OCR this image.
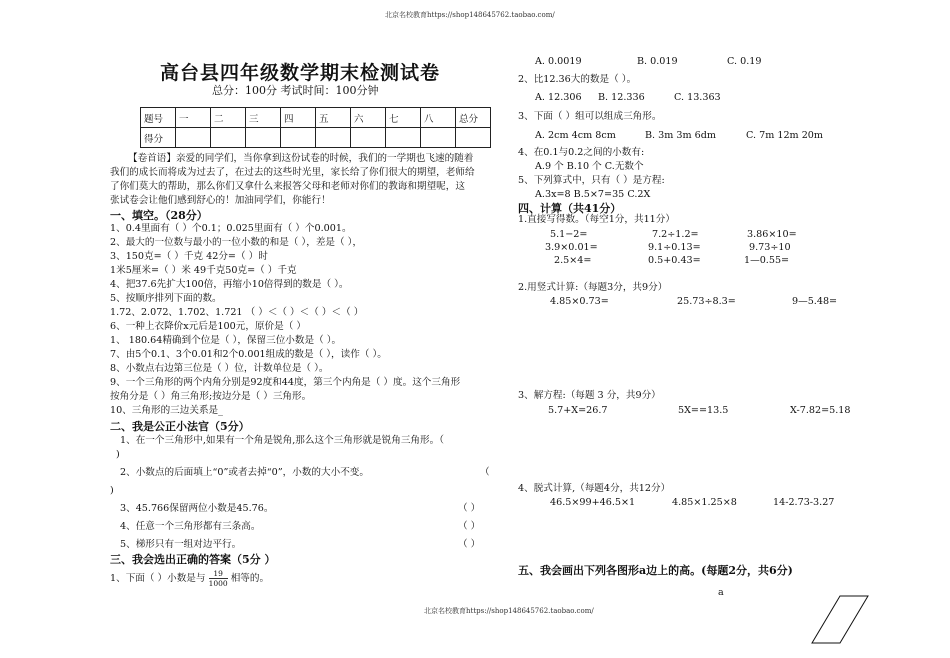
北京名校教育https://shop148645762.taobao.com/
北京名校教育https://shop148645762.taobao.com/
高台县四年级数学期末检测试卷
总分：100分 考试时间：100分钟
题号	一	二	三	四	五	六	七	八	总分
得分									
【卷首语】亲爱的同学们，当你拿到这份试卷的时候，我们的一学期也飞速的随着
我们的成长而将成为过去了，在过去的这些时光里，家长给了你们很大的期望，老师给
了你们莫大的帮助，那么你们又拿什么来报答父母和老师对你们的教诲和期望呢，这
张试卷会让他们感到舒心的！加油同学们，你能行！
一、填空。（28分）
1、0.4里面有（ ）个0.1；0.025里面有（ ）个0.001。
2、最大的一位数与最小的一位小数的和是（ ），差是（ ），
3、150克=（ ）千克 42分=（ ）时
1米5厘米=（ ）米 49千克50克=（ ）千克
4、把37.6先扩大100倍，再缩小10倍得到的数是（ ）。
5、按顺序排列下面的数。
1.72、2.072、1.702、1.721 （ ）＜（ ）＜（ ）＜（ ）
6、一种上衣降价x元后是100元，原价是（ ）
1、 180.64精确到个位是（ ），保留三位小数是（ ）。
7、由5个0.1、3个0.01和2个0.001组成的数是（ ），读作（ ）。
8、小数点右边第三位是（ ）位，计数单位是（ ）。
9、一个三角形的两个内角分别是92度和44度，第三个内角是（ ）度。这个三角形
按角分是（ ）角三角形;按边分是（ ）三角形。
10、三角形的三边关系是_
二、我是公正小法官（5分）
1、在一个三角形中,如果有一个角是锐角,那么这个三角形就是锐角三角形。（
)
2、小数点的后面填上“0”或者去掉“0”，小数的大小不变。	（
)
3、45.766保留两位小数是45.76。	（ ）
4、任意一个三角形都有三条高。	（ ）
5、梯形只有一组对边平行。	（ ）
三、我会选出正确的答案（5分 ）
1、下面（ ）小数是与 $\frac{19}{1000}$ 相等的。
A. 0.0019	B. 0.019	C. 0.19
2、比12.36大的数是（ ）。
A. 12.306 B. 12.336	C. 13.363
3、下面（ ）组可以组成三角形。
A. 2cm 4cm 8cm	B. 3m 3m 6dm	C. 7m 12m 20m
4、在0.1与0.2之间的小数有:
A.9 个 B.10 个 C.无数个
5、下列算式中，只有（ ）是方程:
A.3x=8 B.5×7=35 C.2X
四、计算（共41分）
1.直接写得数。（每空1分，共11分）
5.1−2=	7.2÷1.2=	3.86×10=
3.9×0.01=	9.1÷0.13=	9.73÷10
2.5×4=	0.5+0.43=	1—0.55=
2.用竖式计算:（每题3分，共9分）
4.85×0.73=	25.73÷8.3=	9—5.48=
3、解方程:（每题 3 分，共9分）
5.7+X=26.7	5X==13.5	X-7.82=5.18
4、脱式计算,（每题4分，共12分）
46.5×99+46.5×1	4.85×1.25×8	14-2.73-3.27
五、我会画出下列各图形a边上的高。(每题2分，共6分)
a
